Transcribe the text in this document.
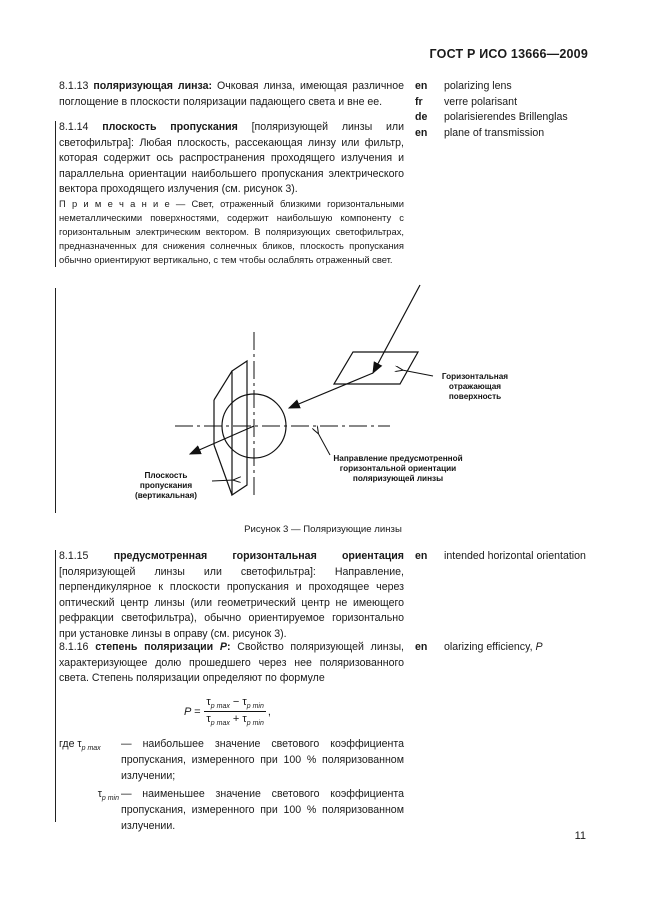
ГОСТ Р ИСО 13666—2009
8.1.13 поляризующая линза: Очковая линза, имеющая различное поглощение в плоскости поляризации падающего света и вне ее.
en polarizing lens
fr verre polarisant
de polarisierendes Brillenglas
en plane of transmission
8.1.14 плоскость пропускания [поляризующей линзы или светофильтра]: Любая плоскость, рассекающая линзу или фильтр, которая содержит ось распространения проходящего излучения и параллельна ориентации наибольшего пропускания электрического вектора проходящего излучения (см. рисунок 3).
П р и м е ч а н и е — Свет, отраженный близкими горизонтальными неметаллическими поверхностями, содержит наибольшую компоненту с горизонтальным электрическим вектором. В поляризующих светофильтрах, предназначенных для снижения солнечных бликов, плоскость пропускания обычно ориентируют вертикально, с тем чтобы ослаблять отраженный свет.
Горизонтальная
отражающая
поверхность
Направление предусмотренной
горизонтальной ориентации
поляризующей линзы
Плоскость
пропускания
(вертикальная)
Рисунок 3 — Поляризующие линзы
8.1.15 предусмотренная горизонтальная ориентация [поляризующей линзы или светофильтра]: Направление, перпендикулярное к плоскости пропускания и проходящее через оптический центр линзы (или геометрический центр не имеющего рефракции светофильтра), обычно ориентируемое горизонтально при установке линзы в оправу (см. рисунок 3).
en intended horizontal orientation
8.1.16 степень поляризации P: Свойство поляризующей линзы, характеризующее долю прошедшего через нее поляризованного света. Степень поляризации определяют по формуле
en olarizing efficiency, P
P =	$\tau_{p max} - \tau_{p min}$	,
$\tau_{p max} + \tau_{p min}$
где $\tau_{p max}$	— наибольшее значение светового коэффициента пропускания, измеренного при 100 % поляризованном излучении;
$\tau_{p min}$ — наименьшее значение светового коэффициента пропускания, измеренного при 100 % поляризованном излучении.
11
